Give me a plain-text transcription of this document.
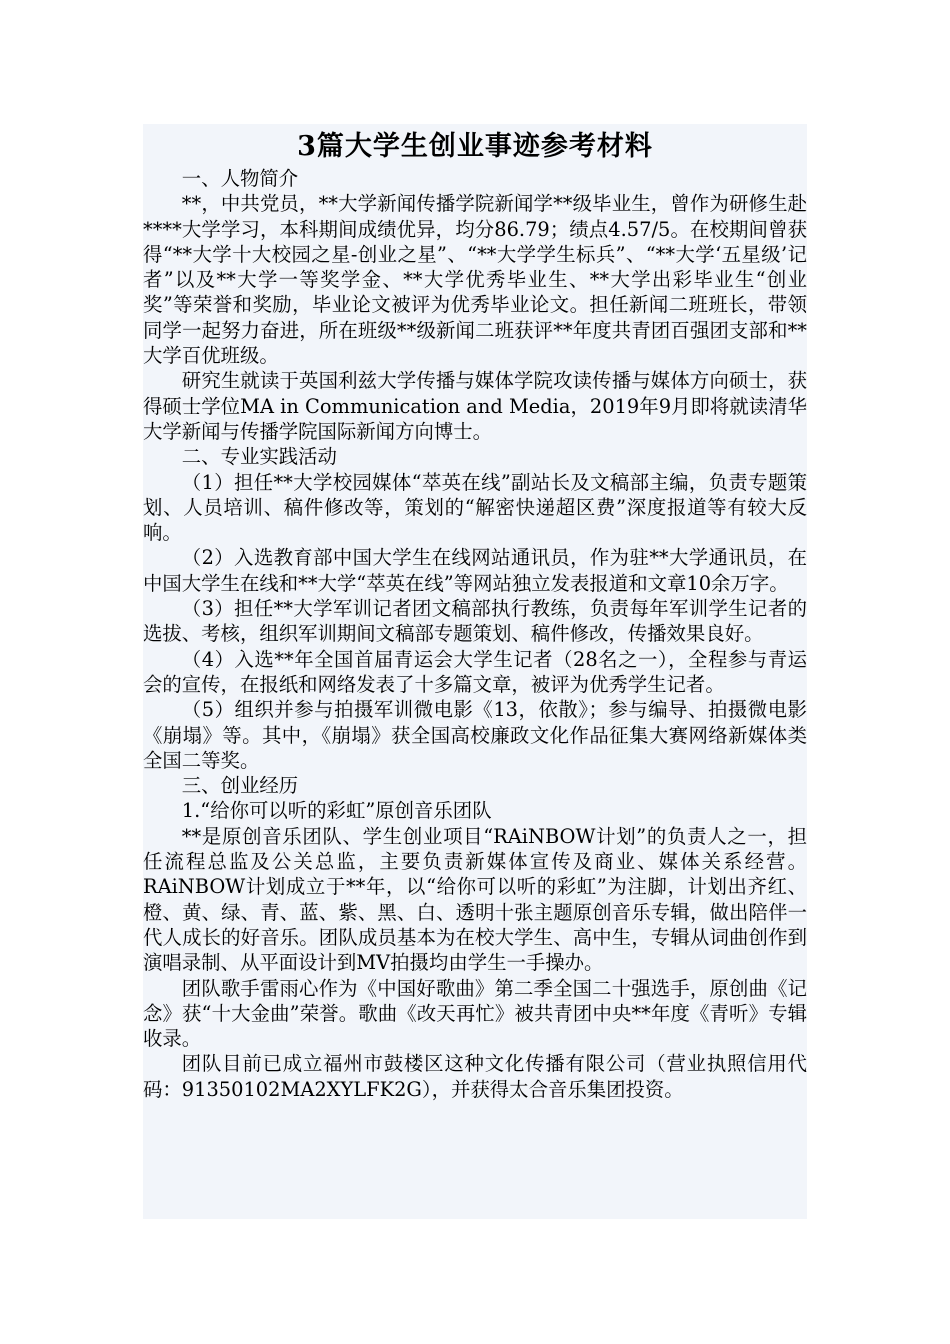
3篇大学生创业事迹参考材料

一、人物简介

**，中共党员，**大学新闻传播学院新闻学**级毕业生，曾作为研修生赴****大学学习，本科期间成绩优异，均分86.79；绩点4.57/5。在校期间曾获得“**大学十大校园之星-创业之星”、“**大学学生标兵”、“**大学‘五星级’记者”以及**大学一等奖学金、**大学优秀毕业生、**大学出彩毕业生“创业奖”等荣誉和奖励，毕业论文被评为优秀毕业论文。担任新闻二班班长，带领同学一起努力奋进，所在班级**级新闻二班获评**年度共青团百强团支部和**大学百优班级。

研究生就读于英国利兹大学传播与媒体学院攻读传播与媒体方向硕士，获得硕士学位MA in Communication and Media，2019年9月即将就读清华大学新闻与传播学院国际新闻方向博士。

二、专业实践活动

（1）担任**大学校园媒体“萃英在线”副站长及文稿部主编，负责专题策划、人员培训、稿件修改等，策划的“解密快递超区费”深度报道等有较大反响。

（2）入选教育部中国大学生在线网站通讯员，作为驻**大学通讯员，在中国大学生在线和**大学“萃英在线”等网站独立发表报道和文章10余万字。

（3）担任**大学军训记者团文稿部执行教练，负责每年军训学生记者的选拔、考核，组织军训期间文稿部专题策划、稿件修改，传播效果良好。

（4）入选**年全国首届青运会大学生记者（28名之一），全程参与青运会的宣传，在报纸和网络发表了十多篇文章，被评为优秀学生记者。

（5）组织并参与拍摄军训微电影《13，依散》；参与编导、拍摄微电影《崩塌》等。其中，《崩塌》获全国高校廉政文化作品征集大赛网络新媒体类全国二等奖。

三、创业经历

1.“给你可以听的彩虹”原创音乐团队

**是原创音乐团队、学生创业项目“RAiNBOW计划”的负责人之一，担任流程总监及公关总监，主要负责新媒体宣传及商业、媒体关系经营。RAiNBOW计划成立于**年，以“给你可以听的彩虹”为注脚，计划出齐红、橙、黄、绿、青、蓝、紫、黑、白、透明十张主题原创音乐专辑，做出陪伴一代人成长的好音乐。团队成员基本为在校大学生、高中生，专辑从词曲创作到演唱录制、从平面设计到MV拍摄均由学生一手操办。

团队歌手雷雨心作为《中国好歌曲》第二季全国二十强选手，原创曲《记念》获“十大金曲”荣誉。歌曲《改天再忙》被共青团中央**年度《青听》专辑收录。

团队目前已成立福州市鼓楼区这种文化传播有限公司（营业执照信用代码：91350102MA2XYLFK2G），并获得太合音乐集团投资。
